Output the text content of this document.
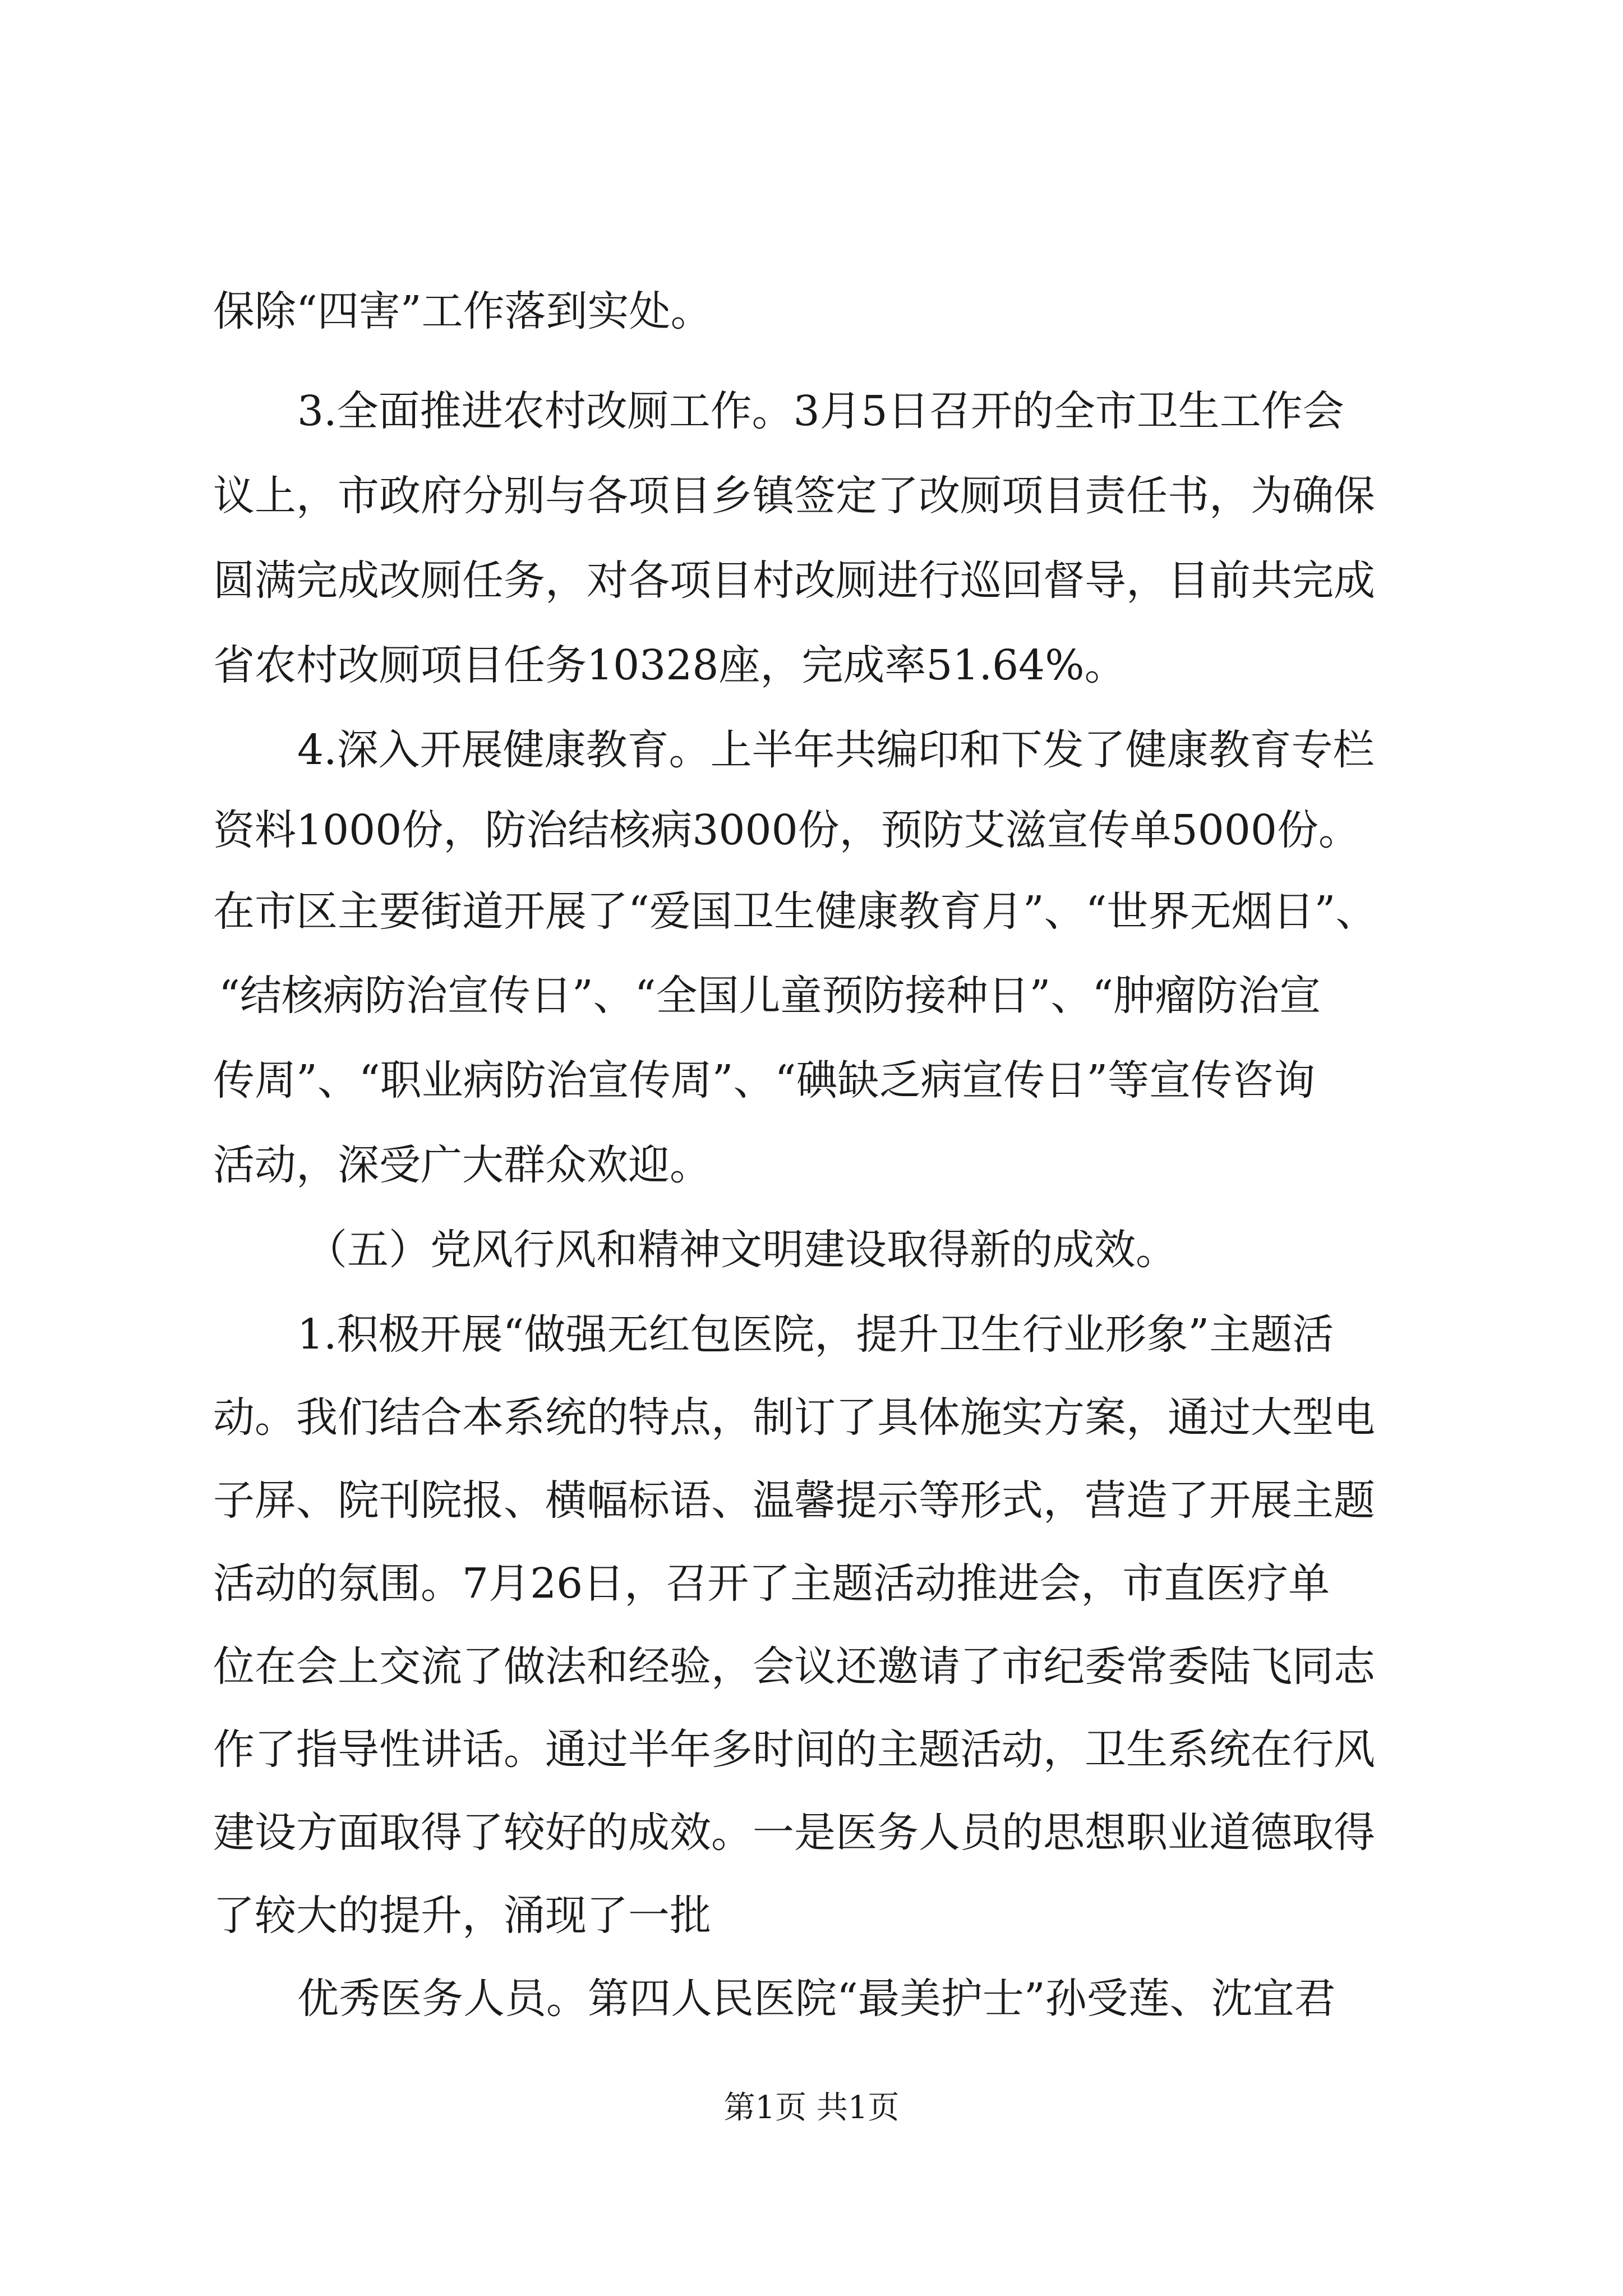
保除“四害”工作落到实处。

3.全面推进农村改厕工作。3月5日召开的全市卫生工作会

议上，市政府分别与各项目乡镇签定了改厕项目责任书，为确保

圆满完成改厕任务，对各项目村改厕进行巡回督导，目前共完成

省农村改厕项目任务10328座，完成率51.64%。

4.深入开展健康教育。上半年共编印和下发了健康教育专栏

资料1000份，防治结核病3000份，预防艾滋宣传单5000份。

在市区主要街道开展了“爱国卫生健康教育月”、“世界无烟日”、

“结核病防治宣传日”、“全国儿童预防接种日”、“肿瘤防治宣

传周”、“职业病防治宣传周”、“碘缺乏病宣传日”等宣传咨询

活动，深受广大群众欢迎。

（五）党风行风和精神文明建设取得新的成效。

1.积极开展“做强无红包医院，提升卫生行业形象”主题活

动。我们结合本系统的特点，制订了具体施实方案，通过大型电

子屏、院刊院报、横幅标语、温馨提示等形式，营造了开展主题

活动的氛围。7月26日，召开了主题活动推进会，市直医疗单

位在会上交流了做法和经验，会议还邀请了市纪委常委陆飞同志

作了指导性讲话。通过半年多时间的主题活动，卫生系统在行风

建设方面取得了较好的成效。一是医务人员的思想职业道德取得

了较大的提升，涌现了一批

优秀医务人员。第四人民医院“最美护士”孙受莲、沈宜君

第1页 共1页
